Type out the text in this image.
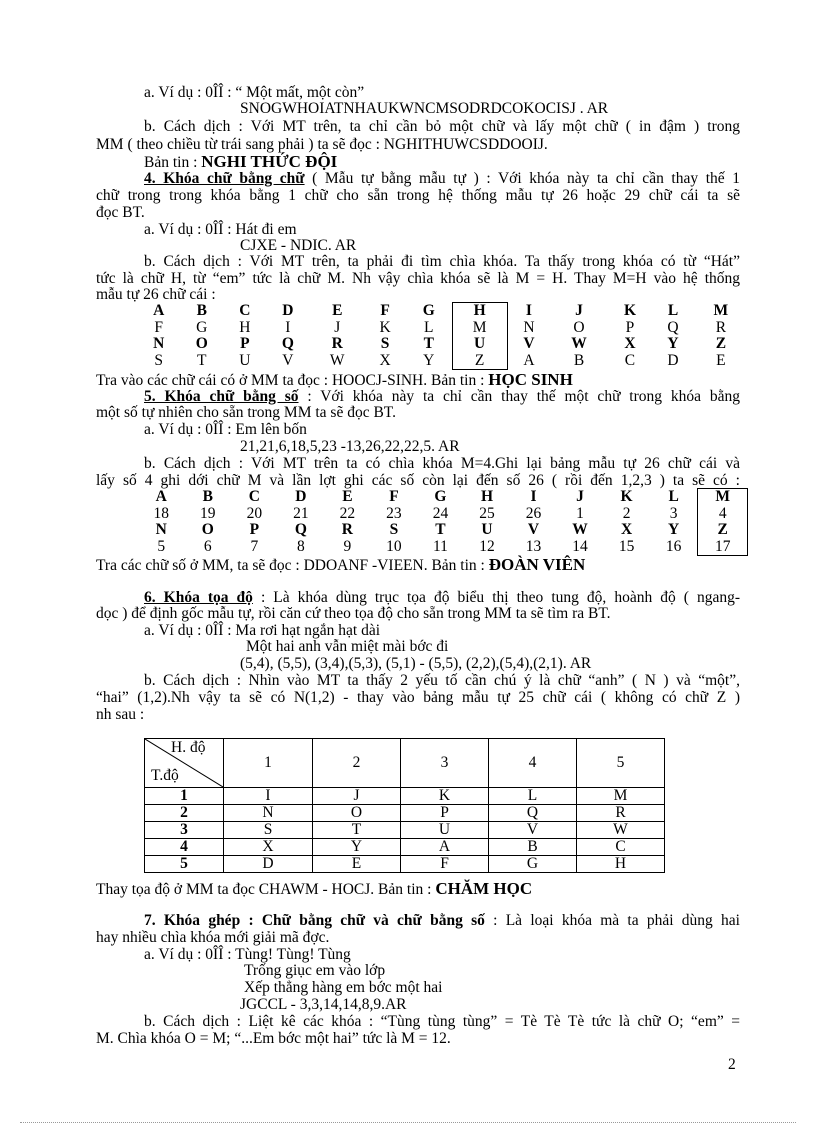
a. Ví dụ : 0ÎÎ : “ Một mất, một còn”
SNOGWHOIATNHAUKWNCMSODRDCOKOCISJ . AR
b. Cách dịch : Với MT trên, ta chỉ cần bỏ một chữ và lấy một chữ ( in đậm ) trong
MM ( theo chiều từ trái sang phải ) ta sẽ đọc : NGHITHUWCSDDOOIJ.
Bản tin : NGHI THỨC ĐỘI
4. Khóa chữ bằng chữ ( Mẫu tự bằng mẫu tự ) : Với khóa này ta chỉ cần thay thế 1
chữ trong trong khóa bằng 1 chữ cho sẵn trong hệ thống mẫu tự 26 hoặc 29 chữ cái ta sẽ
đọc BT.
a. Ví dụ : 0ÎÎ : Hát đi em
CJXE - NDIC. AR
b. Cách dịch : Với MT trên, ta phải đi tìm chìa khóa. Ta thấy trong khóa có từ “Hát”
tức là chữ H, từ “em” tức là chữ M. Nh vậy chìa khóa sẽ là M = H. Thay M=H vào hệ thống
mẫu tự 26 chữ cái :
A	B	C	D	E	F	G	H	I	J	K	L	M
F	G	H	I	J	K	L	M	N	O	P	Q	R
N	O	P	Q	R	S	T	U	V	W	X	Y	Z
S	T	U	V	W	X	Y	Z	A	B	C	D	E
Tra vào các chữ cái có ở MM ta đọc : HOOCJ-SINH. Bản tin : HỌC SINH
5. Khóa chữ bằng số : Với khóa này ta chỉ cần thay thế một chữ trong khóa bằng
một số tự nhiên cho sẵn trong MM ta sẽ đọc BT.
a. Ví dụ : 0ÎÎ : Em lên bốn
21,21,6,18,5,23 -13,26,22,22,5. AR
b. Cách dịch : Với MT trên ta có chìa khóa M=4.Ghi lại bảng mẫu tự 26 chữ cái và
lấy số 4 ghi dới chữ M và lần lợt ghi các số còn lại đến số 26 ( rồi đến 1,2,3 ) ta sẽ có :
A	B	C	D	E	F	G	H	I	J	K	L	M
18	19	20	21	22	23	24	25	26	1	2	3	4
N	O	P	Q	R	S	T	U	V	W	X	Y	Z
5	6	7	8	9	10	11	12	13	14	15	16	17
Tra các chữ số ở MM, ta sẽ đọc : DDOANF -VIEEN. Bản tin : ĐOÀN VIÊN
6. Khóa tọa độ : Là khóa dùng trục tọa độ biểu thị theo tung độ, hoành độ ( ngang-
dọc ) để định gốc mẫu tự, rồi căn cứ theo tọa độ cho sẵn trong MM ta sẽ tìm ra BT.
a. Ví dụ : 0ÎÎ : Ma rơi hạt ngắn hạt dài
Một hai anh vẫn miệt mài bớc đi
(5,4), (5,5), (3,4),(5,3), (5,1) - (5,5), (2,2),(5,4),(2,1). AR
b. Cách dịch : Nhìn vào MT ta thấy 2 yếu tố cần chú ý là chữ “anh” ( N ) và “một”,
“hai” (1,2).Nh vậy ta sẽ có N(1,2) - thay vào bảng mẫu tự 25 chữ cái ( không có chữ Z )
nh sau :
H. độ
T.độ	1	2	3	4	5
1	I	J	K	L	M
2	N	O	P	Q	R
3	S	T	U	V	W
4	X	Y	A	B	C
5	D	E	F	G	H
Thay tọa độ ở MM ta đọc CHAWM - HOCJ. Bản tin : CHĂM HỌC
7. Khóa ghép : Chữ bằng chữ và chữ bằng số : Là loại khóa mà ta phải dùng hai
hay nhiều chìa khóa mới giải mã đợc.
a. Ví dụ : 0ÎÎ : Tùng! Tùng! Tùng
Trống giục em vào lớp
Xếp thẳng hàng em bớc một hai
JGCCL - 3,3,14,14,8,9.AR
b. Cách dịch : Liệt kê các khóa : “Tùng tùng tùng” = Tè Tè Tè tức là chữ O; “em” =
M. Chìa khóa O = M; “...Em bớc một hai” tức là M = 12.
2
